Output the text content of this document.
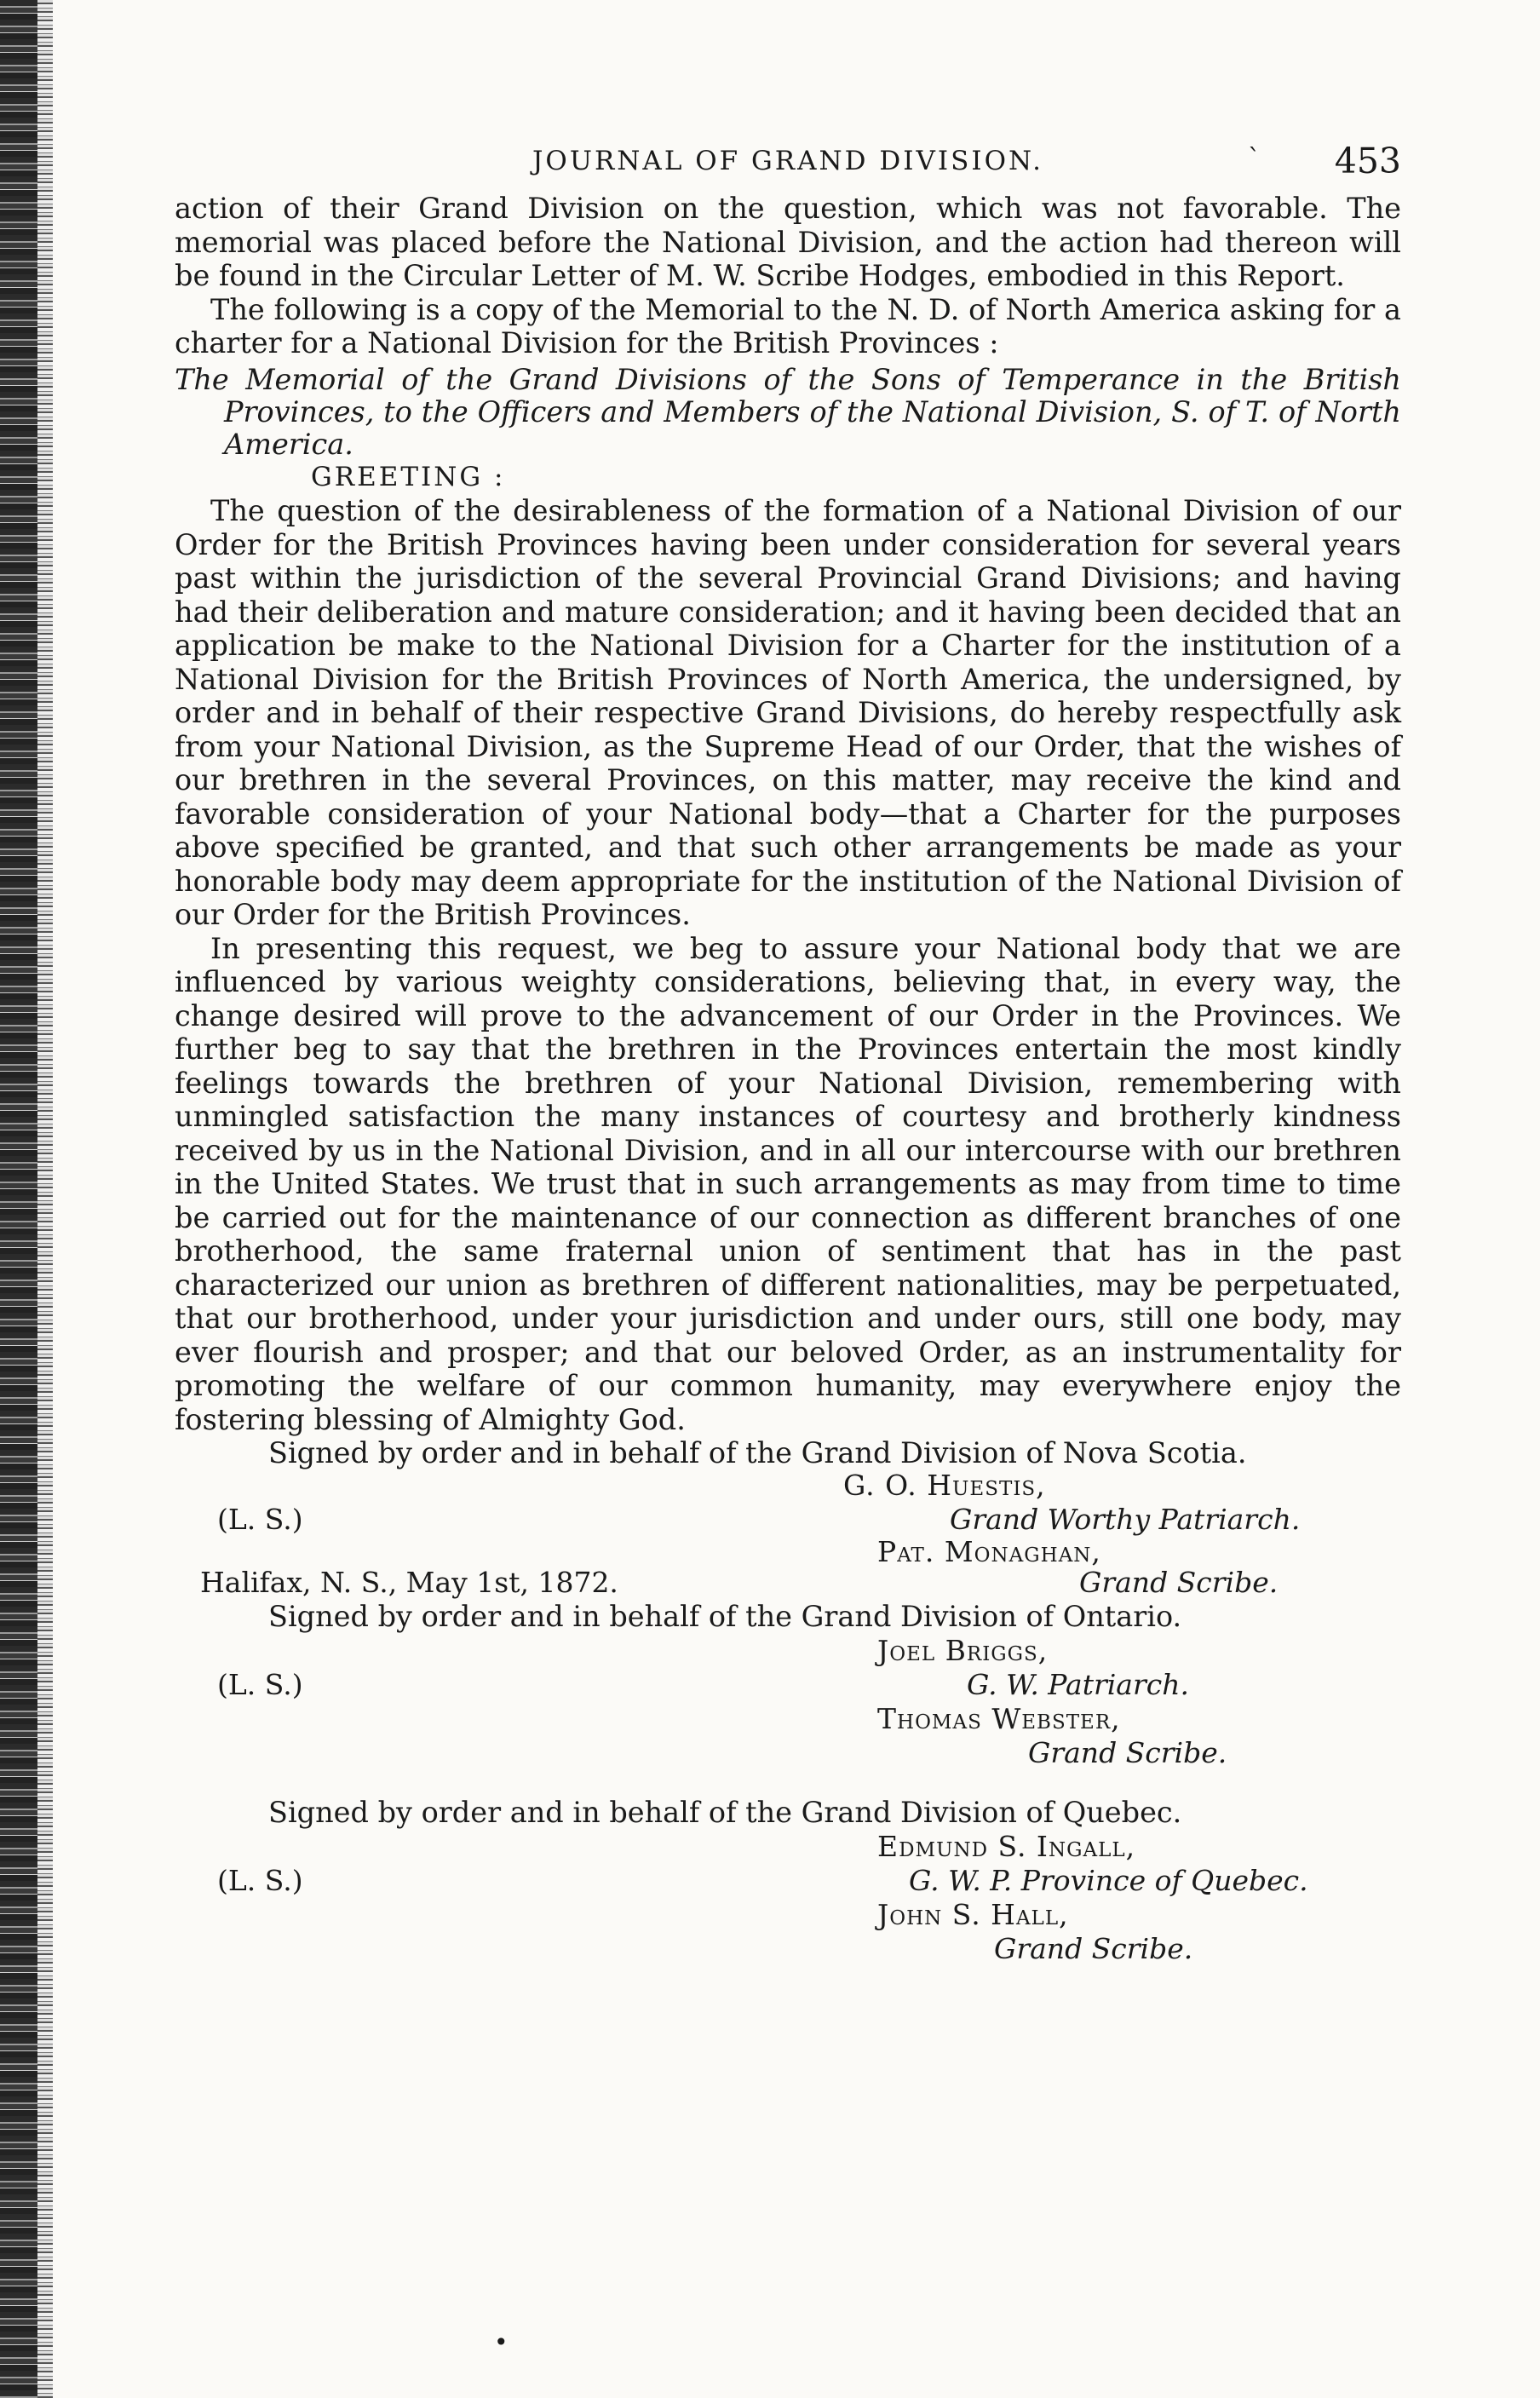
JOURNAL OF GRAND DIVISION.	ˋ 453

action of their Grand Division on the question, which was not favorable. The memorial was placed before the National Division, and the action had thereon will be found in the Circular Letter of M. W. Scribe Hodges, embodied in this Report.

The following is a copy of the Memorial to the N. D. of North America asking for a charter for a National Division for the British Provinces :

The Memorial of the Grand Divisions of the Sons of Temperance in the British Provinces, to the Officers and Members of the National Division, S. of T. of North America.

GREETING :

The question of the desirableness of the formation of a National Division of our Order for the British Provinces having been under consideration for several years past within the jurisdiction of the several Provincial Grand Divisions; and having had their deliberation and mature consideration; and it having been decided that an application be make to the National Division for a Charter for the institution of a National Division for the British Provinces of North America, the undersigned, by order and in behalf of their respective Grand Divisions, do hereby respectfully ask from your National Division, as the Supreme Head of our Order, that the wishes of our brethren in the several Provinces, on this matter, may receive the kind and favorable consideration of your National body—that a Charter for the purposes above specified be granted, and that such other arrangements be made as your honorable body may deem appropriate for the institution of the National Division of our Order for the British Provinces.

In presenting this request, we beg to assure your National body that we are influenced by various weighty considerations, believing that, in every way, the change desired will prove to the advancement of our Order in the Provinces. We further beg to say that the brethren in the Provinces entertain the most kindly feelings towards the brethren of your National Division, remembering with unmingled satisfaction the many instances of courtesy and brotherly kindness received by us in the National Division, and in all our intercourse with our brethren in the United States. We trust that in such arrangements as may from time to time be carried out for the maintenance of our connection as different branches of one brotherhood, the same fraternal union of sentiment that has in the past characterized our union as brethren of different nationalities, may be perpetuated, that our brotherhood, under your jurisdiction and under ours, still one body, may ever flourish and prosper; and that our beloved Order, as an instrumentality for promoting the welfare of our common humanity, may everywhere enjoy the fostering blessing of Almighty God.

Signed by order and in behalf of the Grand Division of Nova Scotia.

G. O. Huestis,
(L. S.)	Grand Worthy Patriarch.
Pat. Monaghan,
Halifax, N. S., May 1st, 1872.	Grand Scribe.

Signed by order and in behalf of the Grand Division of Ontario.

Joel Briggs,
(L. S.)	G. W. Patriarch.
Thomas Webster,
Grand Scribe.

Signed by order and in behalf of the Grand Division of Quebec.

Edmund S. Ingall,
(L. S.)	G. W. P. Province of Quebec.
John S. Hall,
Grand Scribe.
•
